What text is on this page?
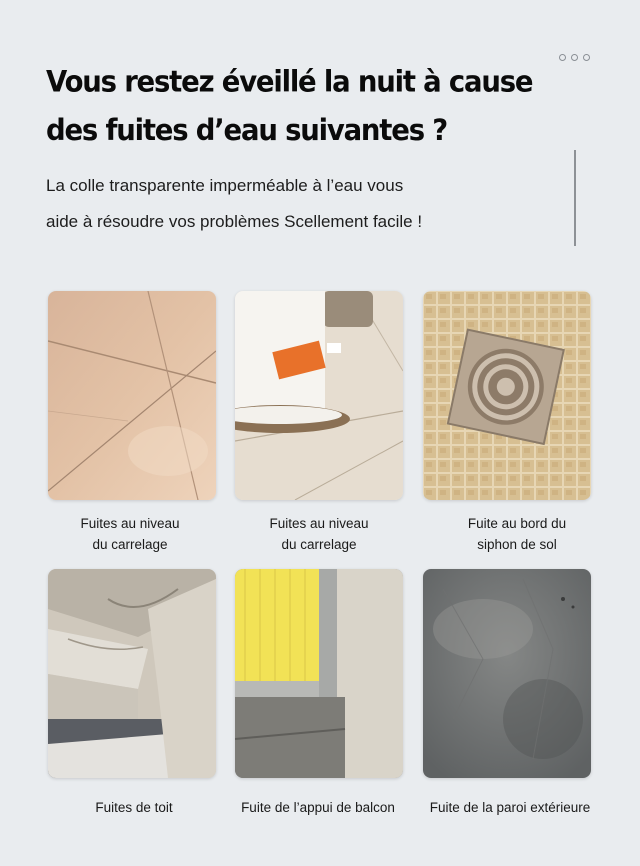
Vous restez éveillé la nuit à cause
des fuites d’eau suivantes ?
La colle transparente imperméable à l’eau vous
aide à résoudre vos problèmes Scellement facile !
Fuites au niveau
du carrelage
Fuites au niveau
du carrelage
Fuite au bord du
siphon de sol
Fuites de toit	Fuite de l’appui de balcon	Fuite de la paroi extérieure
